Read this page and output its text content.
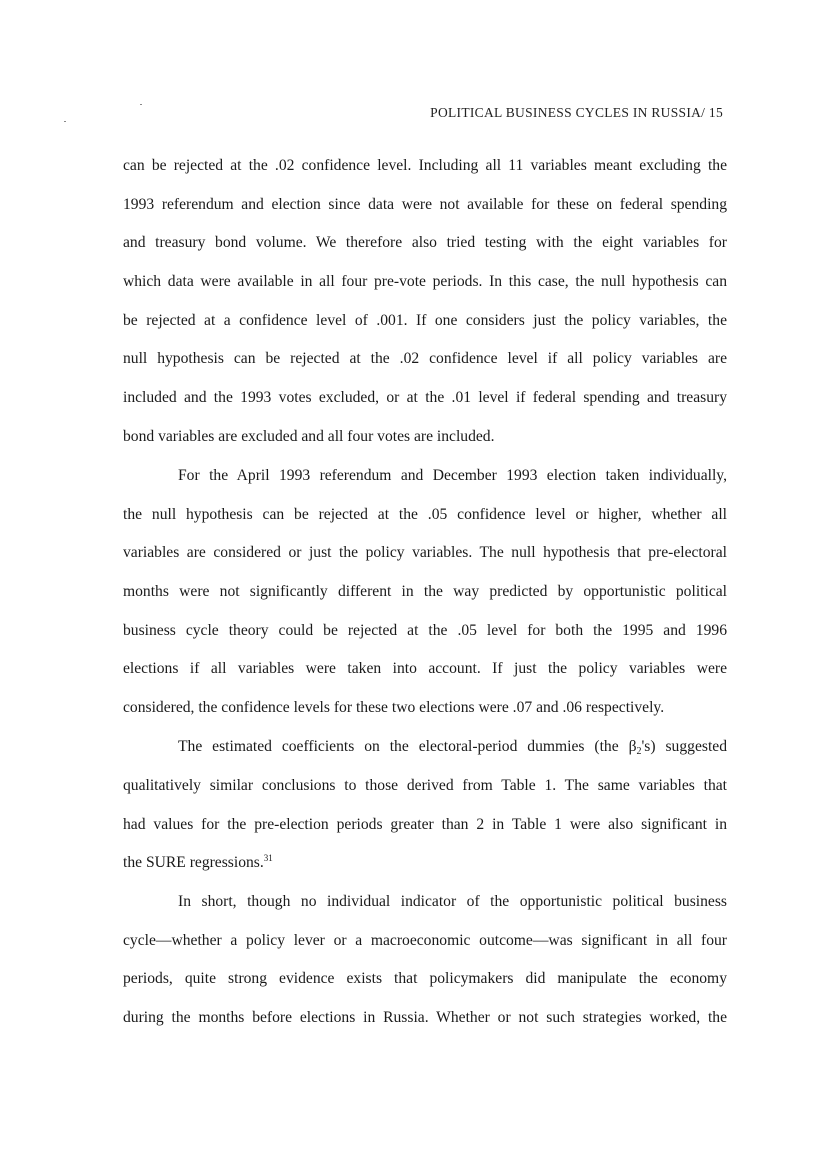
POLITICAL BUSINESS CYCLES IN RUSSIA/ 15
can be rejected at the .02 confidence level. Including all 11 variables meant excluding the
1993 referendum and election since data were not available for these on federal spending
and treasury bond volume. We therefore also tried testing with the eight variables for
which data were available in all four pre-vote periods. In this case, the null hypothesis can
be rejected at a confidence level of .001. If one considers just the policy variables, the
null hypothesis can be rejected at the .02 confidence level if all policy variables are
included and the 1993 votes excluded, or at the .01 level if federal spending and treasury
bond variables are excluded and all four votes are included.
For the April 1993 referendum and December 1993 election taken individually,
the null hypothesis can be rejected at the .05 confidence level or higher, whether all
variables are considered or just the policy variables. The null hypothesis that pre-electoral
months were not significantly different in the way predicted by opportunistic political
business cycle theory could be rejected at the .05 level for both the 1995 and 1996
elections if all variables were taken into account. If just the policy variables were
considered, the confidence levels for these two elections were .07 and .06 respectively.
The estimated coefficients on the electoral-period dummies (the $\beta_2's$) suggested
qualitatively similar conclusions to those derived from Table 1. The same variables that
had values for the pre-election periods greater than 2 in Table 1 were also significant in
the SURE regressions.$^{31}$
In short, though no individual indicator of the opportunistic political business
cycle—whether a policy lever or a macroeconomic outcome—was significant in all four
periods, quite strong evidence exists that policymakers did manipulate the economy
during the months before elections in Russia. Whether or not such strategies worked, the
